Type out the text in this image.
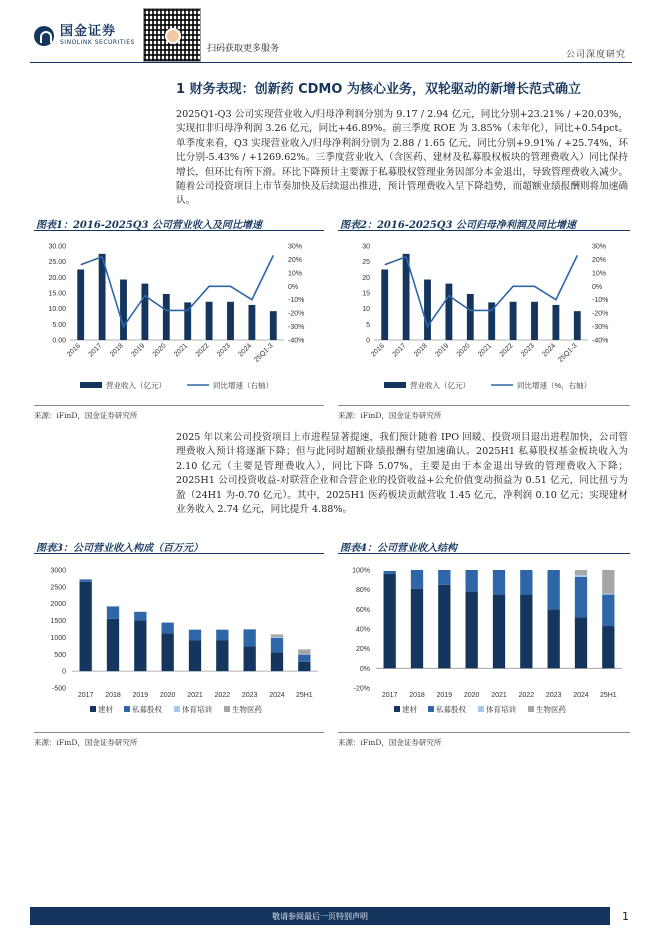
国金证券
SINOLINK SECURITIES
扫码获取更多服务
公司深度研究
1 财务表现：创新药 CDMO 为核心业务，双轮驱动的新增长范式确立
2025Q1-Q3 公司实现营业收入/归母净利润分别为 9.17 / 2.94 亿元，同比分别+23.21% / +20.03%，实现扣非归母净利润 3.26 亿元，同比+46.89%。前三季度 ROE 为 3.85%（未年化），同比+0.54pct。单季度来看，Q3 实现营业收入/归母净利润分别为 2.88 / 1.65 亿元，同比分别+9.91% / +25.74%，环比分别-5.43% / +1269.62%。三季度营业收入（含医药、建材及私募股权板块的管理费收入）同比保持增长，但环比有所下滑。环比下降预计主要源于私募股权管理业务因部分本金退出，导致管理费收入减少。随着公司投资项目上市节奏加快及后续退出推进，预计管理费收入呈下降趋势，而超额业绩报酬则将加速确认。
图表1：2016-2025Q3 公司营业收入及同比增速
0.00
5.00
10.00
15.00
20.00
25.00
30.00
-40%
-30%
-20%
-10%
0%
10%
20%
30%
2016 2017 2018 2019 2020 2021 2022 2023 2024 25Q1-3
营业收入（亿元）	同比增速（右轴）
来源：iFinD，国金证券研究所
图表2：2016-2025Q3 公司归母净利润及同比增速
0
5
10
15
20
25
30
-40%
-30%
-20%
-10%
0%
10%
20%
30%
2016 2017 2018 2019 2020 2021 2022 2023 2024 25Q1-3
营业收入（亿元）	同比增速（%，右轴）
来源：iFinD，国金证券研究所
2025 年以来公司投资项目上市进程显著提速，我们预计随着 IPO 回暖、投资项目退出进程加快，公司管理费收入预计将逐渐下降；但与此同时超额业绩报酬有望加速确认。2025H1 私募股权基金板块收入为 2.10 亿元（主要是管理费收入），同比下降 5.07%，主要是由于本金退出导致的管理费收入下降；2025H1 公司投资收益-对联营企业和合营企业的投资收益+公允价值变动损益为 0.51 亿元，同比扭亏为盈（24H1 为-0.70 亿元）。其中，2025H1 医药板块贡献营收 1.45 亿元，净利润 0.10 亿元；实现建材业务收入 2.74 亿元，同比提升 4.88%。
图表3：公司营业收入构成（百万元）
-500
0
500
1000
1500
2000
2500
3000
2017 2018 2019 2020 2021 2022 2023 2024 25H1
建材	私募股权	体育培训	生物医药
来源：iFinD，国金证券研究所
图表4：公司营业收入结构
-20%
0%
20%
40%
60%
80%
100%
2017 2018 2019 2020 2021 2022 2023 2024 25H1
建材	私募股权	体育培训	生物医药
来源：iFinD，国金证券研究所
敬请参阅最后一页特别声明	1
